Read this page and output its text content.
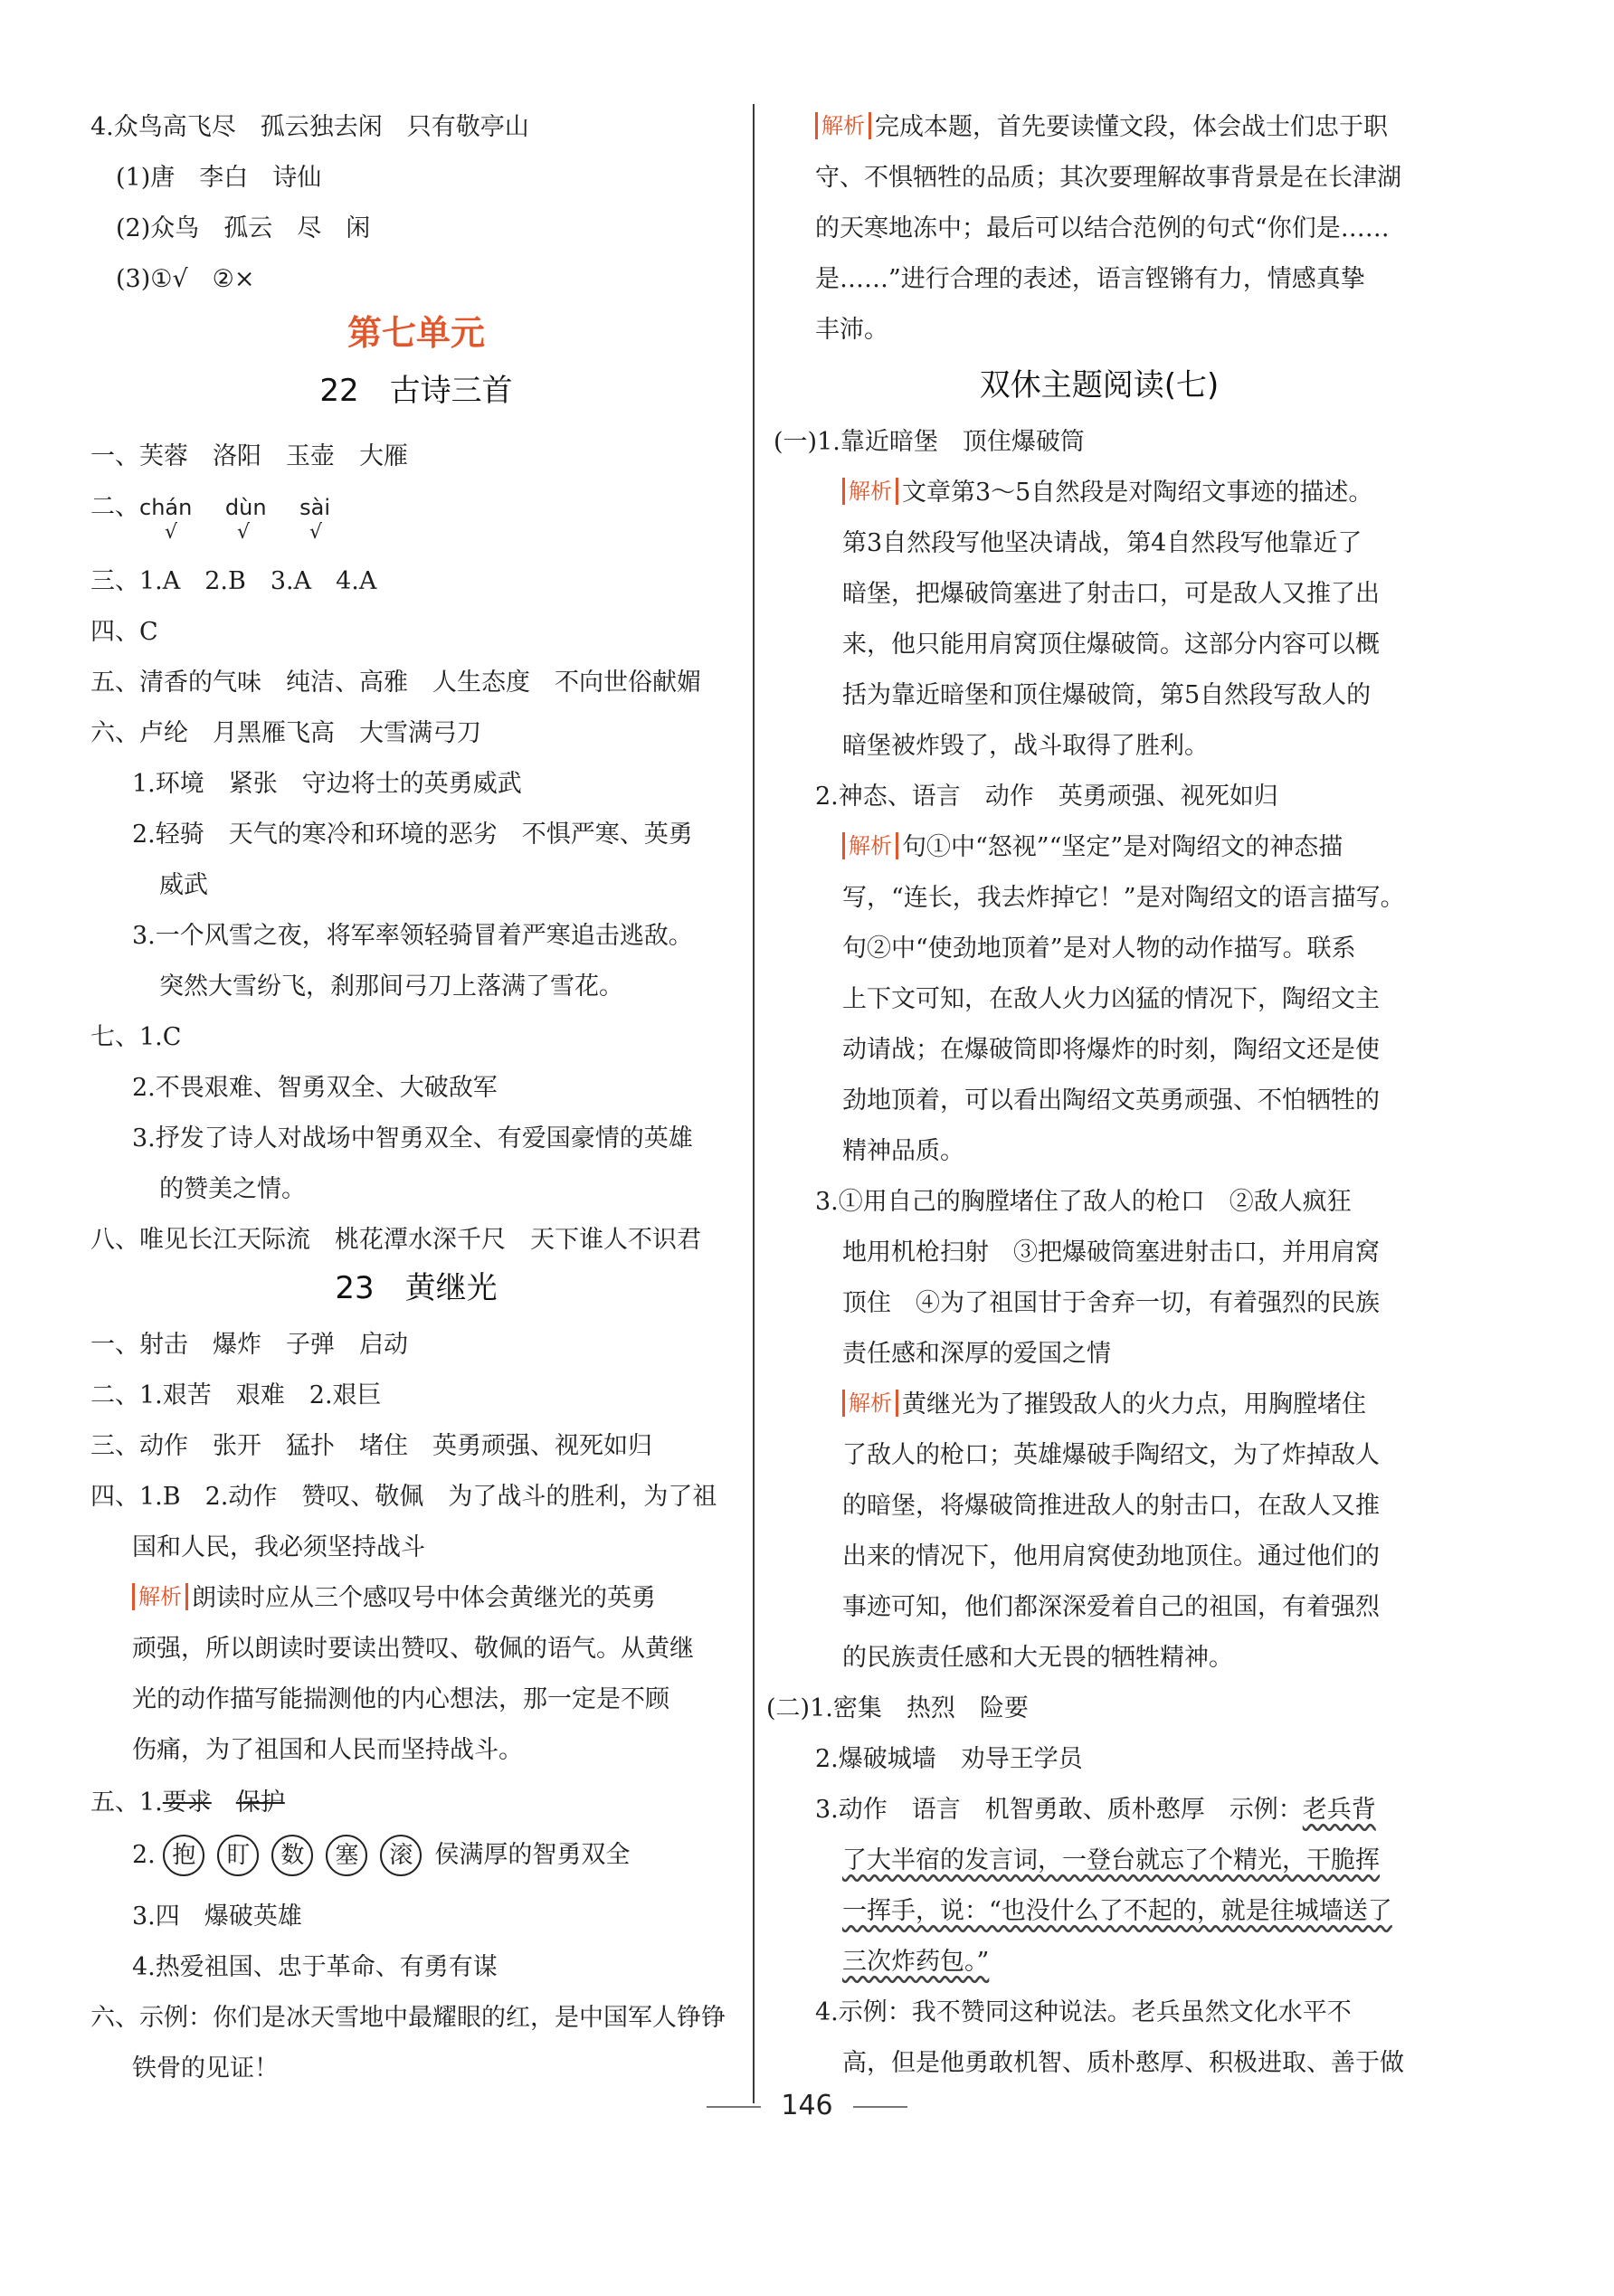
4.众鸟高飞尽　孤云独去闲　只有敬亭山
(1)唐　李白　诗仙
(2)众鸟　孤云　尽　闲
(3)①√　②×
第七单元
22　古诗三首
一、芙蓉　洛阳　玉壶　大雁
二、chán dùn sài
√　　　√　　　√
三、1.A　2.B　3.A　4.A
四、C
五、清香的气味　纯洁、高雅　人生态度　不向世俗献媚
六、卢纶　月黑雁飞高　大雪满弓刀
1.环境　紧张　守边将士的英勇威武
2.轻骑　天气的寒冷和环境的恶劣　不惧严寒、英勇
威武
3.一个风雪之夜，将军率领轻骑冒着严寒追击逃敌。
突然大雪纷飞，刹那间弓刀上落满了雪花。
七、1.C
2.不畏艰难、智勇双全、大破敌军
3.抒发了诗人对战场中智勇双全、有爱国豪情的英雄
的赞美之情。
八、唯见长江天际流　桃花潭水深千尺　天下谁人不识君
23　黄继光
一、射击　爆炸　子弹　启动
二、1.艰苦　艰难　2.艰巨
三、动作　张开　猛扑　堵住　英勇顽强、视死如归
四、1.B　2.动作　赞叹、敬佩　为了战斗的胜利，为了祖
国和人民，我必须坚持战斗
解析 朗读时应从三个感叹号中体会黄继光的英勇
顽强，所以朗读时要读出赞叹、敬佩的语气。从黄继
光的动作描写能揣测他的内心想法，那一定是不顾
伤痛，为了祖国和人民而坚持战斗。
五、1.要求　 保护
2. 抱 盯 数 塞 滚 侯满厚的智勇双全
3.四　爆破英雄
4.热爱祖国、忠于革命、有勇有谋
六、示例：你们是冰天雪地中最耀眼的红，是中国军人铮铮
铁骨的见证！
解析 完成本题，首先要读懂文段，体会战士们忠于职
守、不惧牺牲的品质；其次要理解故事背景是在长津湖
的天寒地冻中；最后可以结合范例的句式“你们是……
是……”进行合理的表述，语言铿锵有力，情感真挚
丰沛。
双休主题阅读(七)
(一)1.靠近暗堡　顶住爆破筒
解析 文章第3～5自然段是对陶绍文事迹的描述。
第3自然段写他坚决请战，第4自然段写他靠近了
暗堡，把爆破筒塞进了射击口，可是敌人又推了出
来，他只能用肩窝顶住爆破筒。这部分内容可以概
括为靠近暗堡和顶住爆破筒，第5自然段写敌人的
暗堡被炸毁了，战斗取得了胜利。
2.神态、语言　动作　英勇顽强、视死如归
解析 句①中“怒视”“坚定”是对陶绍文的神态描
写，“连长，我去炸掉它！”是对陶绍文的语言描写。
句②中“使劲地顶着”是对人物的动作描写。联系
上下文可知，在敌人火力凶猛的情况下，陶绍文主
动请战；在爆破筒即将爆炸的时刻，陶绍文还是使
劲地顶着，可以看出陶绍文英勇顽强、不怕牺牲的
精神品质。
3.①用自己的胸膛堵住了敌人的枪口　②敌人疯狂
地用机枪扫射　③把爆破筒塞进射击口，并用肩窝
顶住　④为了祖国甘于舍弃一切，有着强烈的民族
责任感和深厚的爱国之情
解析 黄继光为了摧毁敌人的火力点，用胸膛堵住
了敌人的枪口；英雄爆破手陶绍文，为了炸掉敌人
的暗堡，将爆破筒推进敌人的射击口，在敌人又推
出来的情况下，他用肩窝使劲地顶住。通过他们的
事迹可知，他们都深深爱着自己的祖国，有着强烈
的民族责任感和大无畏的牺牲精神。
(二)1.密集　热烈　险要
2.爆破城墙　劝导王学员
3.动作　语言　机智勇敢、质朴憨厚　示例：老兵背
了大半宿的发言词，一登台就忘了个精光，干脆挥
一挥手，说：“也没什么了不起的，就是往城墙送了
三次炸药包。”
4.示例：我不赞同这种说法。老兵虽然文化水平不
高，但是他勇敢机智、质朴憨厚、积极进取、善于做
146
